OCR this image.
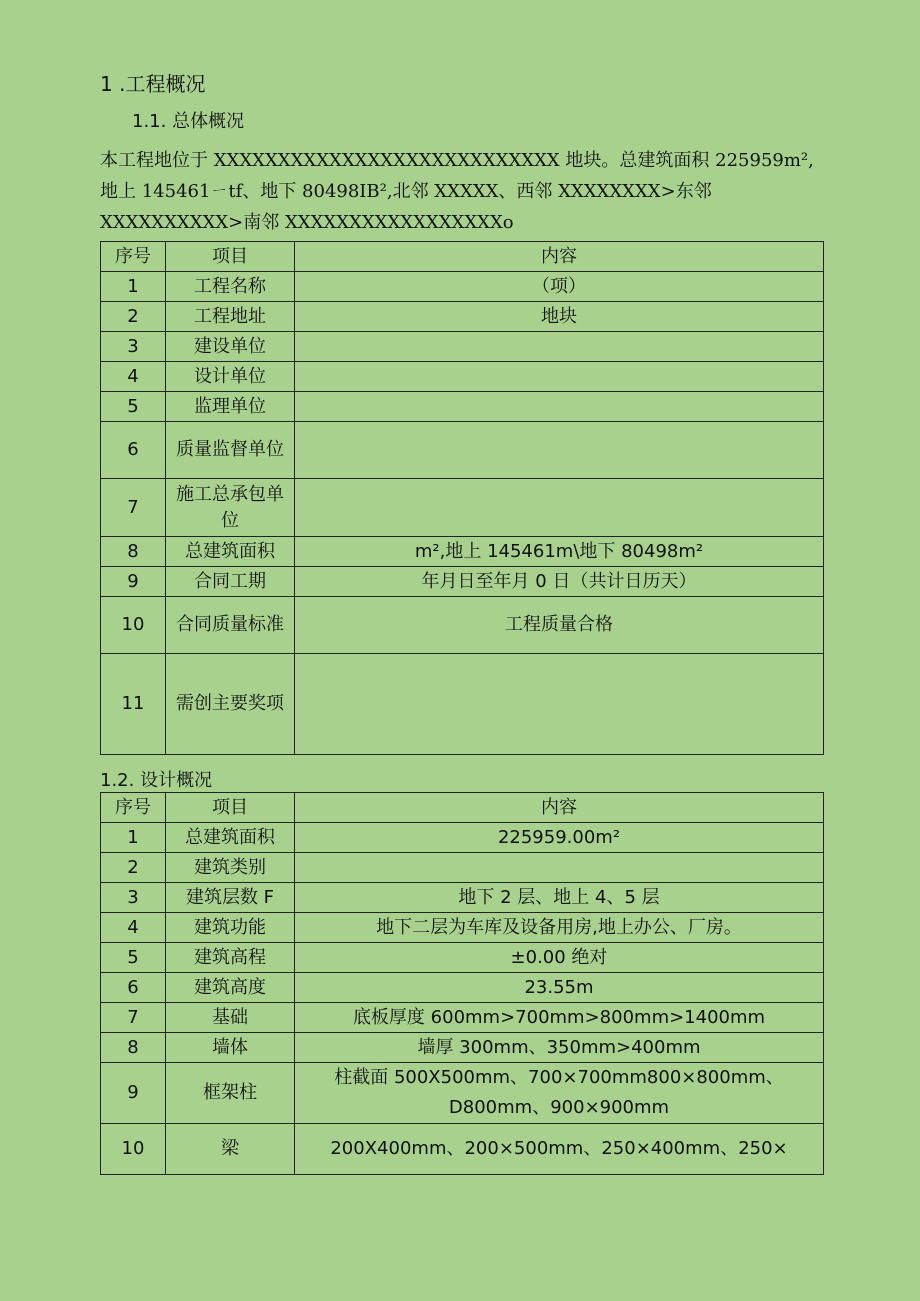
1 .工程概况
1.1. 总体概况
本工程地位于 XXXXXXXXXXXXXXXXXXXXXXXXXXX 地块。总建筑面积 225959m²,地上 145461ㄧtf、地下 80498IB²,北邻 XXXXX、西邻 XXXXXXXX>东邻 XXXXXXXXXX>南邻 XXXXXXXXXXXXXXXXXo
序号	项目	内容
1	工程名称	（项）
2	工程地址	地块
3	建设单位	
4	设计单位	
5	监理单位	
6	质量监督单位	
7	施工总承包单位	
8	总建筑面积	m²,地上 145461m\地下 80498m²
9	合同工期	年月日至年月 0 日（共计日历天）
10	合同质量标准	工程质量合格
11	需创主要奖项	
1.2. 设计概况
序号	项目	内容
1	总建筑面积	225959.00m²
2	建筑类别	
3	建筑层数 F	地下 2 层、地上 4、5 层
4	建筑功能	地下二层为车库及设备用房,地上办公、厂房。
5	建筑高程	±0.00 绝对
6	建筑高度	23.55m
7	基础	底板厚度 600mm>700mm>800mm>1400mm
8	墙体	墙厚 300mm、350mm>400mm
9	框架柱	柱截面 500X500mm、700×700mm800×800mm、D800mm、900×900mm
10	梁	200X400mm、200×500mm、250×400mm、250×
